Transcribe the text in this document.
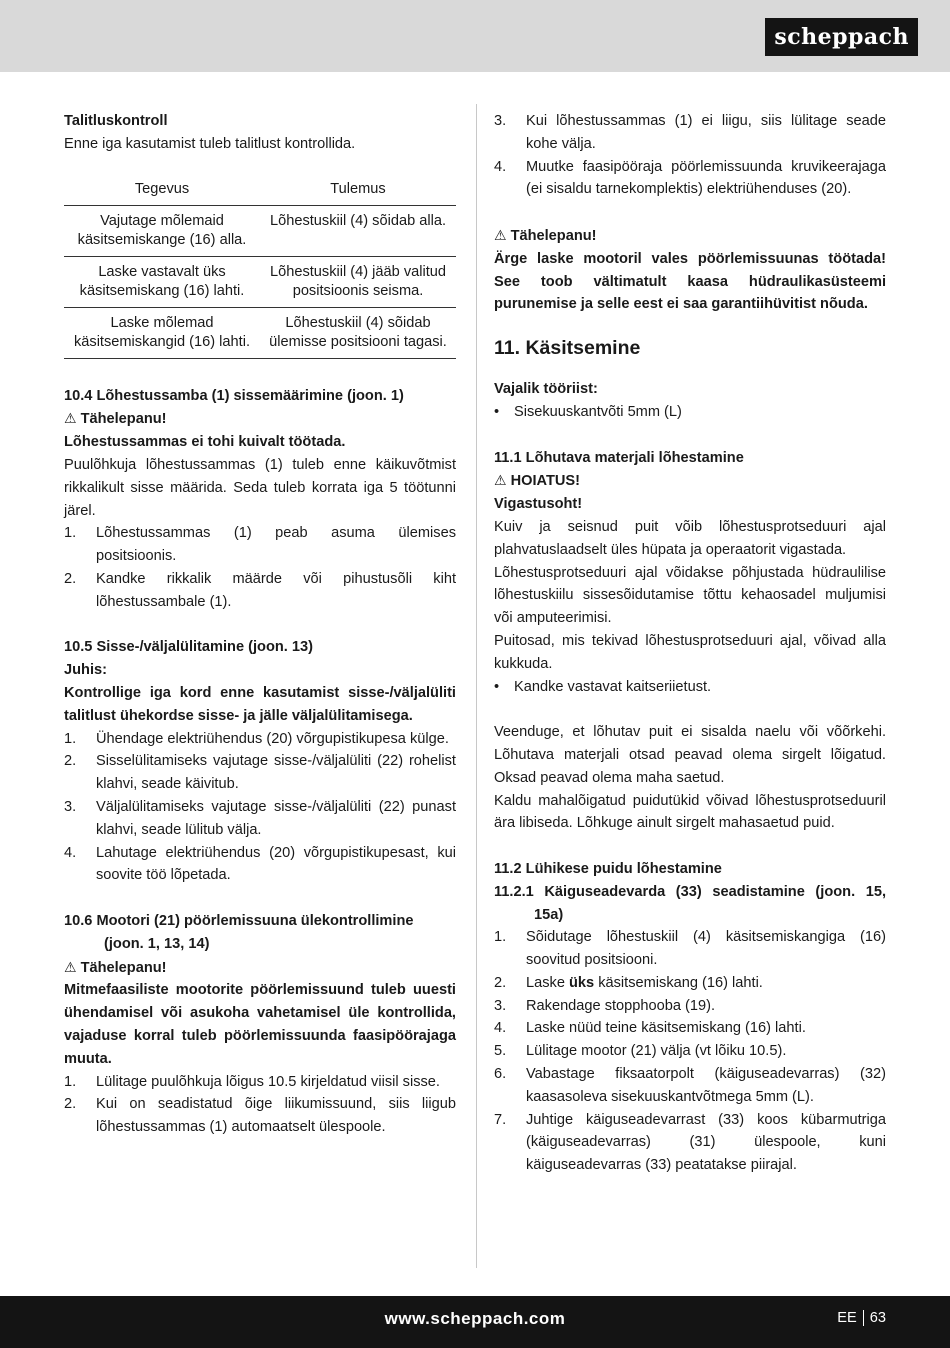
scheppach
Talitluskontroll
Enne iga kasutamist tuleb talitlust kontrollida.
Tegevus	Tulemus
Vajutage mõlemaid käsitsemiskange (16) alla.	Lõhestuskiil (4) sõidab alla.
Laske vastavalt üks käsitsemiskang (16) lahti.	Lõhestuskiil (4) jääb valitud positsioonis seisma.
Laske mõlemad käsitsemiskangid (16) lahti.	Lõhestuskiil (4) sõidab ülemisse positsiooni tagasi.
10.4 Lõhestussamba (1) sissemäärimine (joon. 1)
⚠ Tähelepanu!
Lõhestussammas ei tohi kuivalt töötada.
Puulõhkuja lõhestussammas (1) tuleb enne käikuvõtmist rikkalikult sisse määrida. Seda tuleb korrata iga 5 töötunni järel.
1.	Lõhestussammas (1) peab asuma ülemises positsioonis.
2.	Kandke rikkalik määrde või pihustusõli kiht lõhestussambale (1).
10.5 Sisse-/väljalülitamine (joon. 13)
Juhis:
Kontrollige iga kord enne kasutamist sisse-/väljalüliti talitlust ühekordse sisse- ja jälle väljalülitamisega.
1.	Ühendage elektriühendus (20) võrgupistikupesa külge.
2.	Sisselülitamiseks vajutage sisse-/väljalüliti (22) rohelist klahvi, seade käivitub.
3.	Väljalülitamiseks vajutage sisse-/väljalüliti (22) punast klahvi, seade lülitub välja.
4.	Lahutage elektriühendus (20) võrgupistikupesast, kui soovite töö lõpetada.
10.6 Mootori (21) pöörlemissuuna ülekontrollimine (joon. 1, 13, 14)
⚠ Tähelepanu!
Mitmefaasiliste mootorite pöörlemissuund tuleb uuesti ühendamisel või asukoha vahetamisel üle kontrollida, vajaduse korral tuleb pöörlemissuunda faasipöörajaga muuta.
1.	Lülitage puulõhkuja lõigus 10.5 kirjeldatud viisil sisse.
2.	Kui on seadistatud õige liikumissuund, siis liigub lõhestussammas (1) automaatselt ülespoole.
3.	Kui lõhestussammas (1) ei liigu, siis lülitage seade kohe välja.
4.	Muutke faasipööraja pöörlemissuunda kruvikeerajaga (ei sisaldu tarnekomplektis) elektriühenduses (20).
⚠ Tähelepanu!
Ärge laske mootoril vales pöörlemissuunas töötada! See toob vältimatult kaasa hüdraulikasüsteemi purunemise ja selle eest ei saa garantiihüvitist nõuda.
11. Käsitsemine
Vajalik tööriist:
•	Sisekuuskantvõti 5mm (L)
11.1 Lõhutava materjali lõhestamine
⚠ HOIATUS!
Vigastusoht!
Kuiv ja seisnud puit võib lõhestusprotseduuri ajal plahvatuslaadselt üles hüpata ja operaatorit vigastada.
Lõhestusprotseduuri ajal võidakse põhjustada hüdraulilise lõhestuskiilu sissesõidutamise tõttu kehaosadel muljumisi või amputeerimisi.
Puitosad, mis tekivad lõhestusprotseduuri ajal, võivad alla kukkuda.
•	Kandke vastavat kaitseriietust.
Veenduge, et lõhutav puit ei sisalda naelu või võõrkehi. Lõhutava materjali otsad peavad olema sirgelt lõigatud. Oksad peavad olema maha saetud.
Kaldu mahalõigatud puidutükid võivad lõhestusprotseduuril ära libiseda. Lõhkuge ainult sirgelt mahasaetud puid.
11.2 Lühikese puidu lõhestamine
11.2.1 Käiguseadevarda (33) seadistamine (joon. 15, 15a)
1.	Sõidutage lõhestuskiil (4) käsitsemiskangiga (16) soovitud positsiooni.
2.	Laske üks käsitsemiskang (16) lahti.
3.	Rakendage stopphooba (19).
4.	Laske nüüd teine käsitsemiskang (16) lahti.
5.	Lülitage mootor (21) välja (vt lõiku 10.5).
6.	Vabastage fiksaatorpolt (käiguseadevarras) (32) kaasasoleva sisekuuskantvõtmega 5mm (L).
7.	Juhtige käiguseadevarrast (33) koos kübarmutriga (käiguseadevarras) (31) ülespoole, kuni käiguseadevarras (33) peatatakse piirajal.
www.scheppach.com	EE 63
